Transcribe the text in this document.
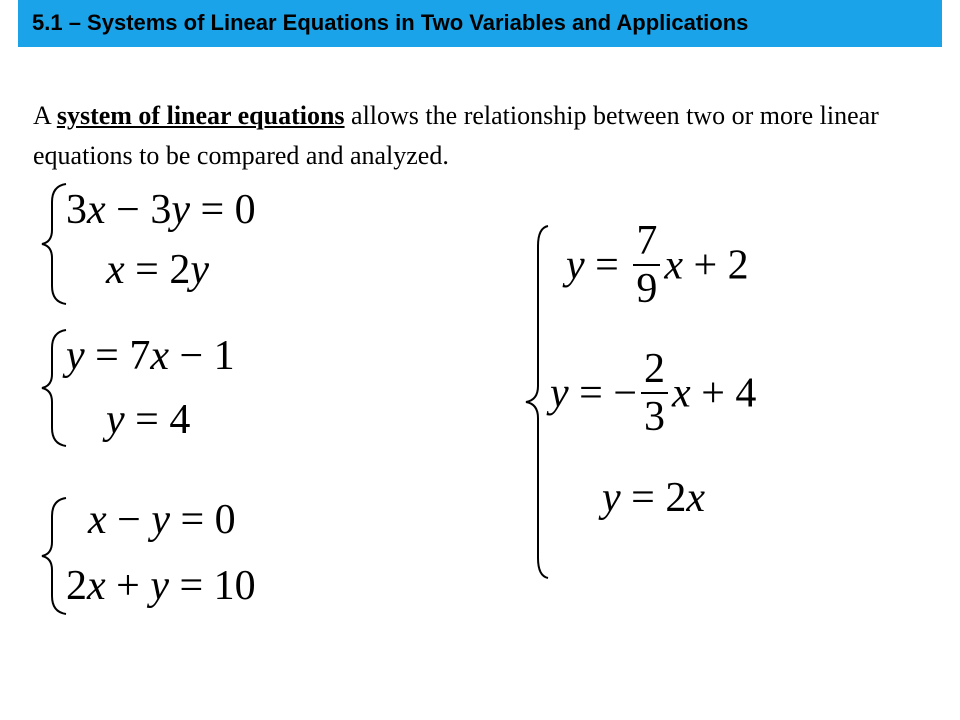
5.1 – Systems of Linear Equations in Two Variables and Applications
A system of linear equations allows the relationship between two or more linear equations to be compared and analyzed.
3x − 3y = 0
x = 2y
y = 7x − 1
y = 4
x − y = 0
2x + y = 10
$y = \frac{7}{9}$ x + 2
y = − $\frac{2}{3}$ x + 4
y = 2x
